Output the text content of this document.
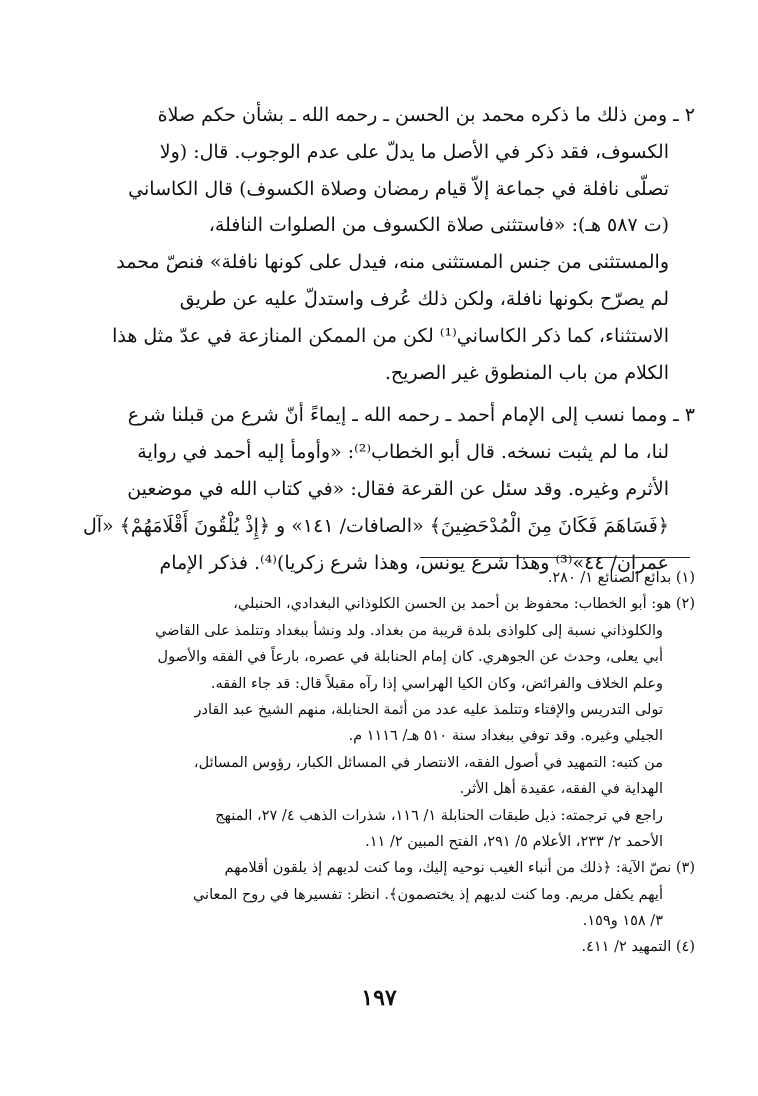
٢ ـ ومن ذلك ما ذكره محمد بن الحسن ـ رحمه الله ـ بشأن حكم صلاة
الكسوف، فقد ذكر في الأصل ما يدلّ على عدم الوجوب. قال: (ولا
تصلّى نافلة في جماعة إلاّ قيام رمضان وصلاة الكسوف) قال الكاساني
(ت ٥٨٧ هـ): «فاستثنى صلاة الكسوف من الصلوات النافلة،
والمستثنى من جنس المستثنى منه، فيدل على كونها نافلة» فنصّ محمد
لم يصرّح بكونها نافلة، ولكن ذلك عُرف واستدلّ عليه عن طريق
الاستثناء، كما ذكر الكاساني⁽¹⁾ لكن من الممكن المنازعة في عدّ مثل هذا
الكلام من باب المنطوق غير الصريح.
٣ ـ ومما نسب إلى الإمام أحمد ـ رحمه الله ـ إيماءً أنّ شرع من قبلنا شرع
لنا، ما لم يثبت نسخه. قال أبو الخطاب⁽²⁾: «وأومأ إليه أحمد في رواية
الأثرم وغيره. وقد سئل عن القرعة فقال: «في كتاب الله في موضعين
﴿فَسَاهَمَ فَكَانَ مِنَ الْمُدْحَضِينَ﴾ «الصافات/ ١٤١» و ﴿إِذْ يُلْقُونَ أَقْلَامَهُمْ﴾ «آل
عمران/ ٤٤»⁽³⁾ وهذا شرع يونس، وهذا شرع زكريا)⁽⁴⁾. فذكر الإمام
(١) بدائع الصنائع ١/ ٢٨٠.
(٢) هو: أبو الخطاب: محفوظ بن أحمد بن الحسن الكلوذاني البغدادي، الحنبلي،
والكلوذاني نسبة إلى كلواذى بلدة قريبة من بغداد. ولد ونشأ ببغداد وتتلمذ على القاضي
أبي يعلى، وحدث عن الجوهري. كان إمام الحنابلة في عصره، بارعاً في الفقه والأصول
وعلم الخلاف والفرائض، وكان الكيا الهراسي إذا رآه مقبلاً قال: قد جاء الفقه.
تولى التدريس والإفتاء وتتلمذ عليه عدد من أئمة الحنابلة، منهم الشيخ عبد القادر
الجيلي وغيره. وقد توفي ببغداد سنة ٥١٠ هـ/ ١١١٦ م.
من كتبه: التمهيد في أصول الفقه، الانتصار في المسائل الكبار، رؤوس المسائل،
الهداية في الفقه، عقيدة أهل الأثر.
راجع في ترجمته: ذيل طبقات الحنابلة ١/ ١١٦، شذرات الذهب ٤/ ٢٧، المنهج
الأحمد ٢/ ٢٣٣، الأعلام ٥/ ٢٩١، الفتح المبين ٢/ ١١.
(٣) نصّ الآية: ﴿ذلك من أنباء الغيب نوحيه إليك، وما كنت لديهم إذ يلقون أقلامهم
أيهم يكفل مريم. وما كنت لديهم إذ يختصمون﴾. انظر: تفسيرها في روح المعاني
٣/ ١٥٨ و١٥٩.
(٤) التمهيد ٢/ ٤١١.
١٩٧
